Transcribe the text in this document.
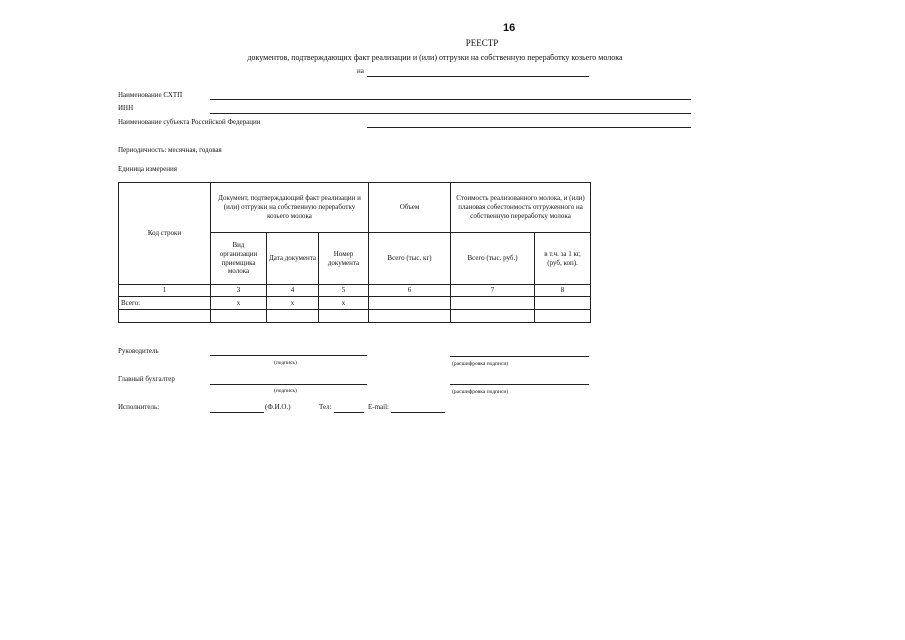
16
РЕЕСТР
документов, подтверждающих факт реализации и (или) отгрузки на собственную переработку козьего молока
на
Наименование СХТП
ИНН
Наименование субъекта Российской Федерации
Периодичность: месячная, годовая
Единица измерения
Код строки	Документ, подтверждающий факт реализации и (или) отгрузки на собственную переработку козьего молока			Объем	Стоимость реализованного молока, и (или) плановая собестонмость отгруженного на собственную переработку молока	
	Вид организации приемщика молока	Дата документа	Номер документа	Всего (тыс. кг)	Всего (тыс. руб.)	в т.ч. за 1 кг, (руб, коп).
1	3	4	5	6	7	8
Всего:	x	x	x			

Руководитель
(подпись)	(расшифровка подписи)
Главный бухгалтер
(подпись)	(расшифровка подписи)
Исполнитель:	(Ф.И.О.)	Тел:	E-mail:
